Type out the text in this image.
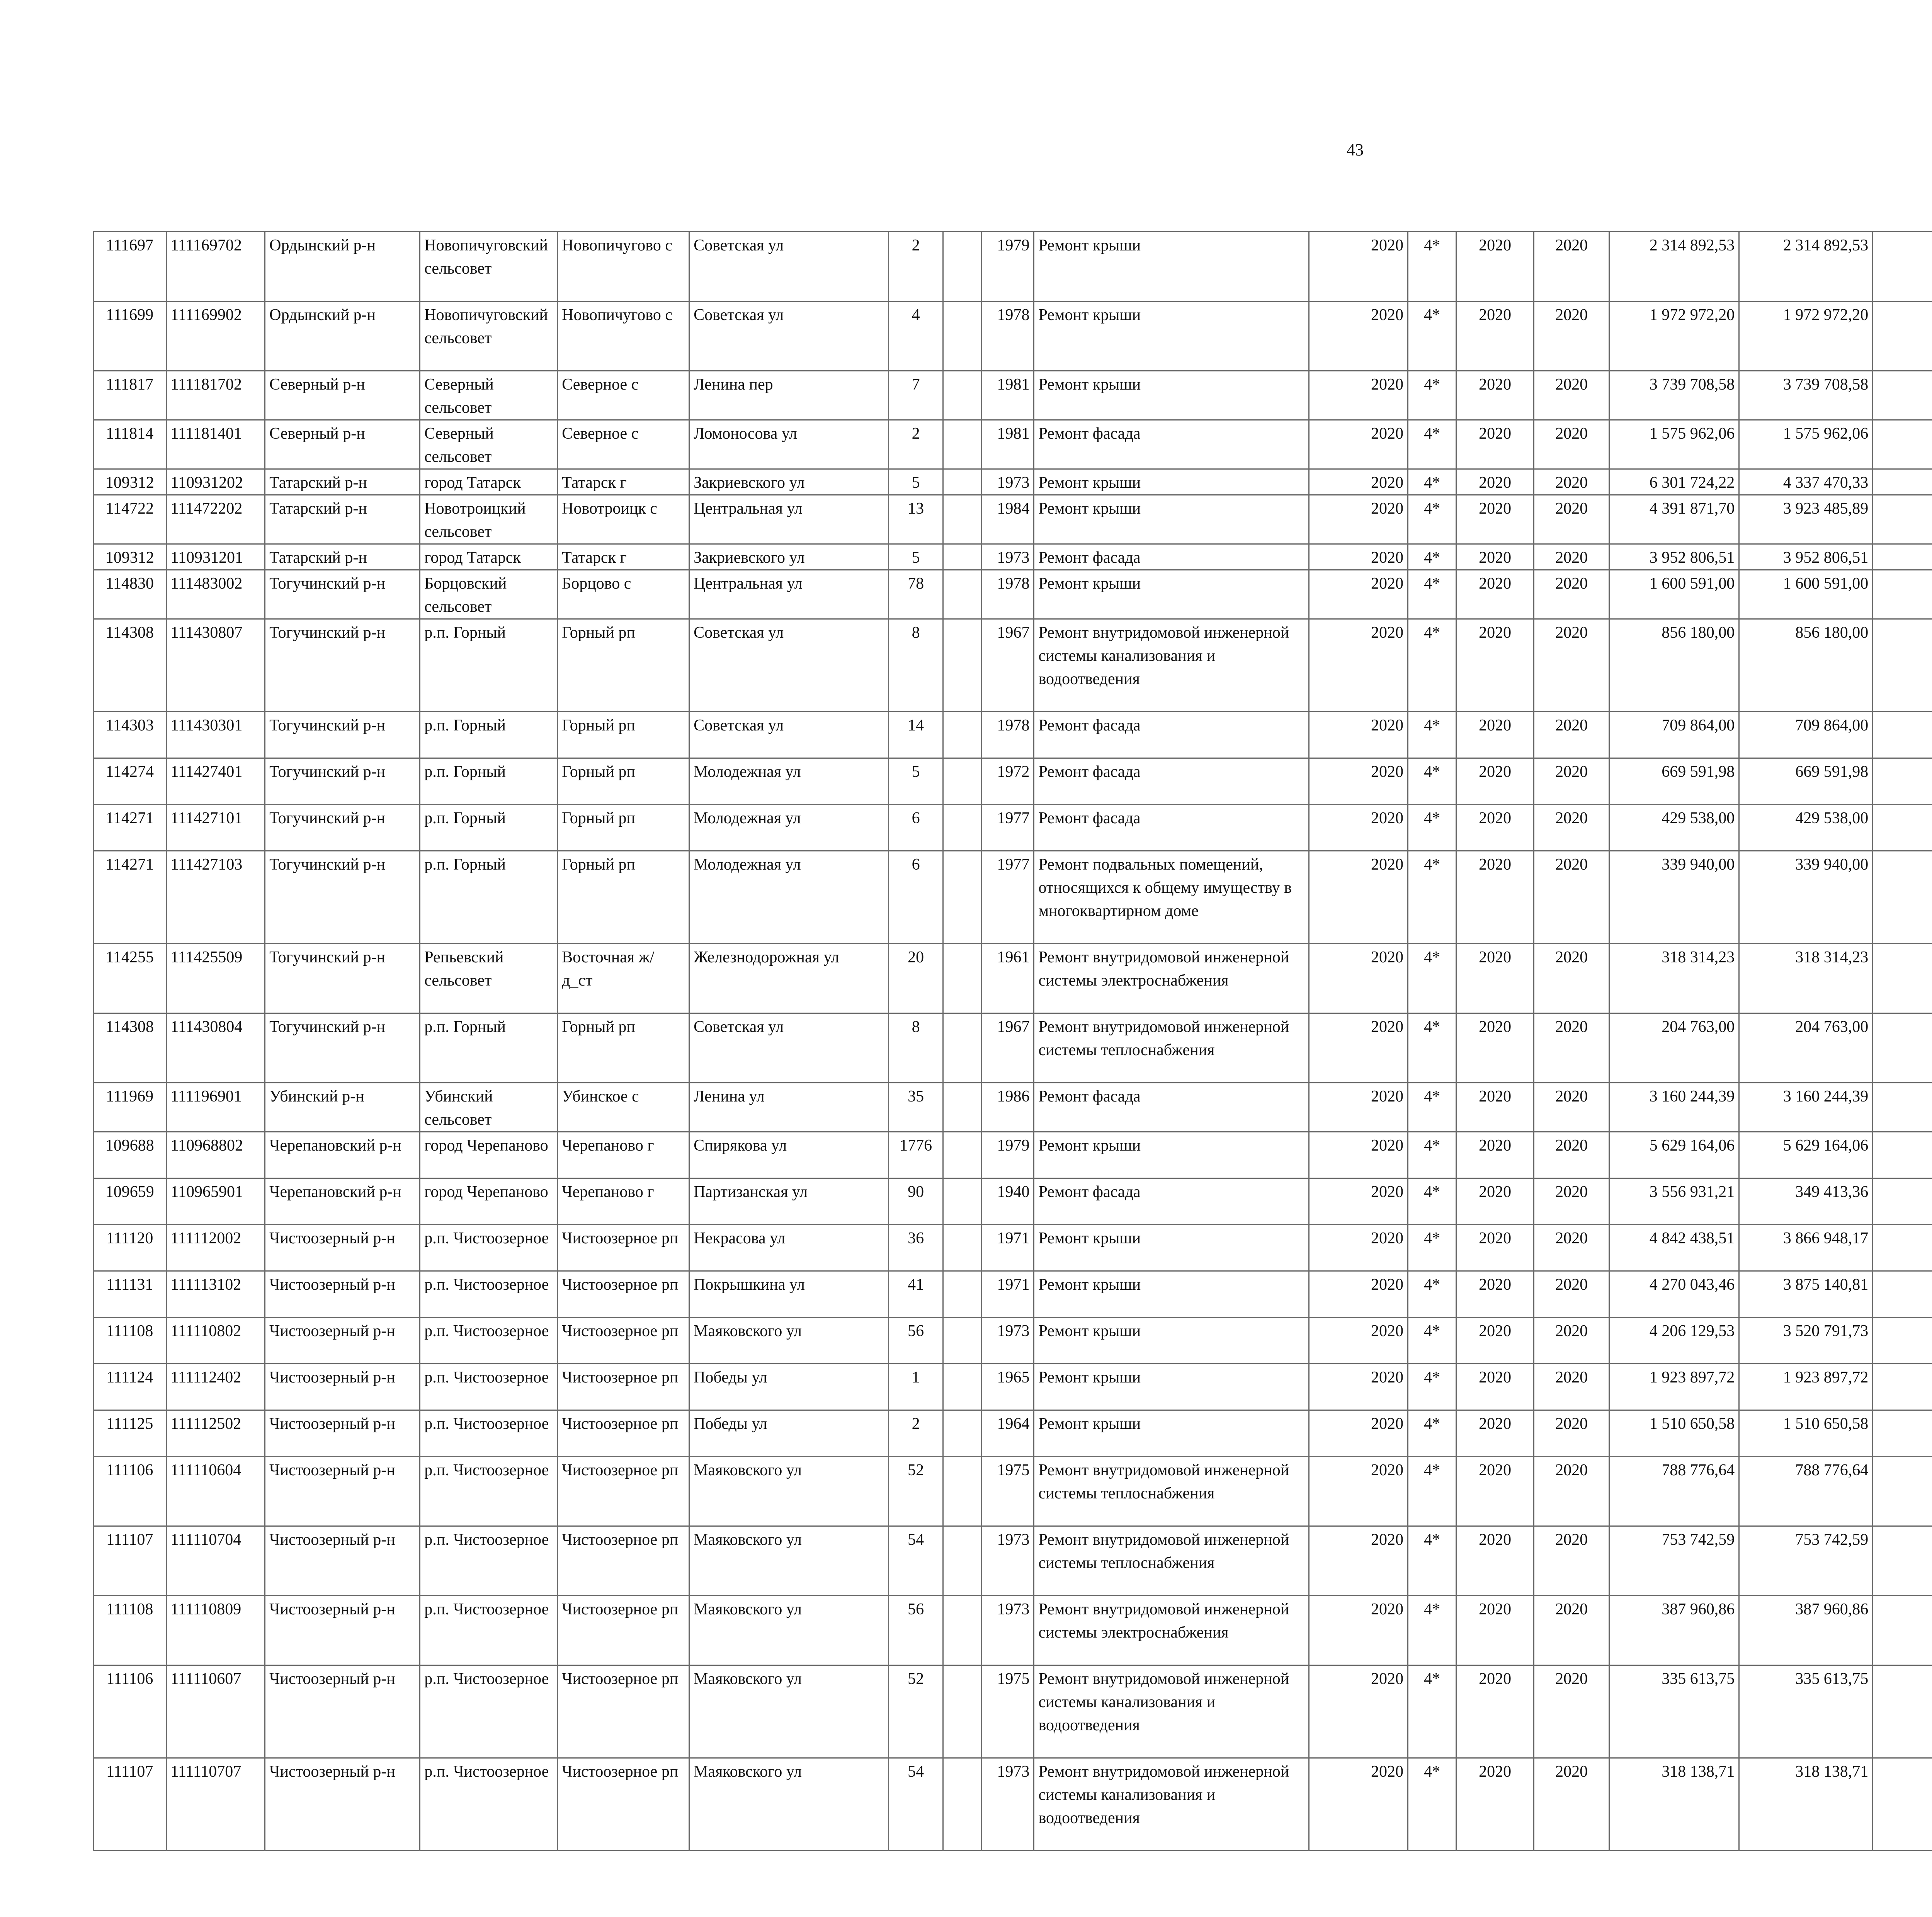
43
111697	111169702	Ордынский р-н	Новопичуговский сельсовет	Новопичугово с	Советская ул	2		1979	Ремонт крыши	2020	4*	2020	2020	2 314 892,53	2 314 892,53						
111699	111169902	Ордынский р-н	Новопичуговский сельсовет	Новопичугово с	Советская ул	4		1978	Ремонт крыши	2020	4*	2020	2020	1 972 972,20	1 972 972,20						
111817	111181702	Северный р-н	Северный сельсовет	Северное с	Ленина пер	7		1981	Ремонт крыши	2020	4*	2020	2020	3 739 708,58	3 739 708,58						
111814	111181401	Северный р-н	Северный сельсовет	Северное с	Ломоносова ул	2		1981	Ремонт фасада	2020	4*	2020	2020	1 575 962,06	1 575 962,06						
109312	110931202	Татарский р-н	город Татарск	Татарск г	Закриевского ул	5		1973	Ремонт крыши	2020	4*	2020	2020	6 301 724,22	4 337 470,33						
114722	111472202	Татарский р-н	Новотроицкий сельсовет	Новотроицк с	Центральная ул	13		1984	Ремонт крыши	2020	4*	2020	2020	4 391 871,70	3 923 485,89						
109312	110931201	Татарский р-н	город Татарск	Татарск г	Закриевского ул	5		1973	Ремонт фасада	2020	4*	2020	2020	3 952 806,51	3 952 806,51						
114830	111483002	Тогучинский р-н	Борцовский сельсовет	Борцово с	Центральная ул	78		1978	Ремонт крыши	2020	4*	2020	2020	1 600 591,00	1 600 591,00						
114308	111430807	Тогучинский р-н	р.п. Горный	Горный рп	Советская ул	8		1967	Ремонт внутридомовой инженерной системы канализования и водоотведения	2020	4*	2020	2020	856 180,00	856 180,00						
114303	111430301	Тогучинский р-н	р.п. Горный	Горный рп	Советская ул	14		1978	Ремонт фасада	2020	4*	2020	2020	709 864,00	709 864,00						
114274	111427401	Тогучинский р-н	р.п. Горный	Горный рп	Молодежная ул	5		1972	Ремонт фасада	2020	4*	2020	2020	669 591,98	669 591,98						
114271	111427101	Тогучинский р-н	р.п. Горный	Горный рп	Молодежная ул	6		1977	Ремонт фасада	2020	4*	2020	2020	429 538,00	429 538,00						
114271	111427103	Тогучинский р-н	р.п. Горный	Горный рп	Молодежная ул	6		1977	Ремонт подвальных помещений, относящихся к общему имуществу в многоквартирном доме	2020	4*	2020	2020	339 940,00	339 940,00						
114255	111425509	Тогучинский р-н	Репьевский сельсовет	Восточная ж/д_ст	Железнодорожная ул	20		1961	Ремонт внутридомовой инженерной системы электроснабжения	2020	4*	2020	2020	318 314,23	318 314,23						
114308	111430804	Тогучинский р-н	р.п. Горный	Горный рп	Советская ул	8		1967	Ремонт внутридомовой инженерной системы теплоснабжения	2020	4*	2020	2020	204 763,00	204 763,00						
111969	111196901	Убинский р-н	Убинский сельсовет	Убинское с	Ленина ул	35		1986	Ремонт фасада	2020	4*	2020	2020	3 160 244,39	3 160 244,39						
109688	110968802	Черепановский р-н	город Черепаново	Черепаново г	Спирякова ул	1776		1979	Ремонт крыши	2020	4*	2020	2020	5 629 164,06	5 629 164,06						
109659	110965901	Черепановский р-н	город Черепаново	Черепаново г	Партизанская ул	90		1940	Ремонт фасада	2020	4*	2020	2020	3 556 931,21	349 413,36						
111120	111112002	Чистоозерный р-н	р.п. Чистоозерное	Чистоозерное рп	Некрасова ул	36		1971	Ремонт крыши	2020	4*	2020	2020	4 842 438,51	3 866 948,17						
111131	111113102	Чистоозерный р-н	р.п. Чистоозерное	Чистоозерное рп	Покрышкина ул	41		1971	Ремонт крыши	2020	4*	2020	2020	4 270 043,46	3 875 140,81						
111108	111110802	Чистоозерный р-н	р.п. Чистоозерное	Чистоозерное рп	Маяковского ул	56		1973	Ремонт крыши	2020	4*	2020	2020	4 206 129,53	3 520 791,73						
111124	111112402	Чистоозерный р-н	р.п. Чистоозерное	Чистоозерное рп	Победы ул	1		1965	Ремонт крыши	2020	4*	2020	2020	1 923 897,72	1 923 897,72						
111125	111112502	Чистоозерный р-н	р.п. Чистоозерное	Чистоозерное рп	Победы ул	2		1964	Ремонт крыши	2020	4*	2020	2020	1 510 650,58	1 510 650,58						
111106	111110604	Чистоозерный р-н	р.п. Чистоозерное	Чистоозерное рп	Маяковского ул	52		1975	Ремонт внутридомовой инженерной системы теплоснабжения	2020	4*	2020	2020	788 776,64	788 776,64						
111107	111110704	Чистоозерный р-н	р.п. Чистоозерное	Чистоозерное рп	Маяковского ул	54		1973	Ремонт внутридомовой инженерной системы теплоснабжения	2020	4*	2020	2020	753 742,59	753 742,59						
111108	111110809	Чистоозерный р-н	р.п. Чистоозерное	Чистоозерное рп	Маяковского ул	56		1973	Ремонт внутридомовой инженерной системы электроснабжения	2020	4*	2020	2020	387 960,86	387 960,86						
111106	111110607	Чистоозерный р-н	р.п. Чистоозерное	Чистоозерное рп	Маяковского ул	52		1975	Ремонт внутридомовой инженерной системы канализования и водоотведения	2020	4*	2020	2020	335 613,75	335 613,75						
111107	111110707	Чистоозерный р-н	р.п. Чистоозерное	Чистоозерное рп	Маяковского ул	54		1973	Ремонт внутридомовой инженерной системы канализования и водоотведения	2020	4*	2020	2020	318 138,71	318 138,71						
